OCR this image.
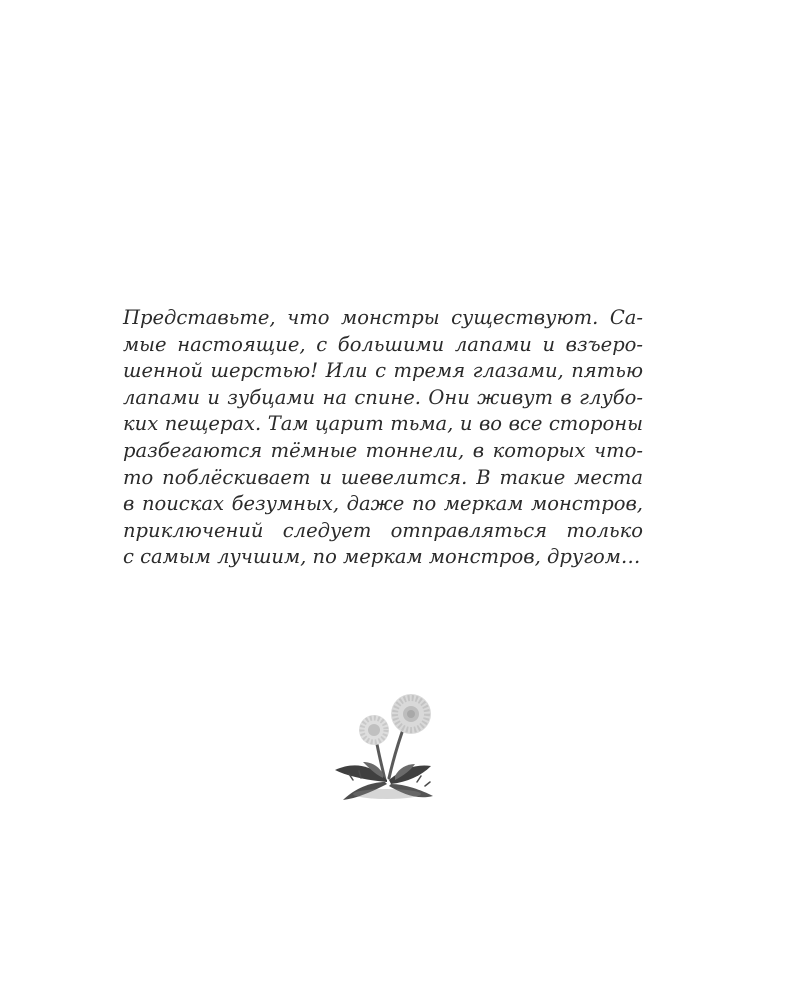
Представьте, что монстры существуют. Са-
мые настоящие, с большими лапами и взъеро-
шенной шерстью! Или с тремя глазами, пятью
лапами и зубцами на спине. Они живут в глубо-
ких пещерах. Там царит тьма, и во все стороны
разбегаются тёмные тоннели, в которых что-
то поблёскивает и шевелится. В такие места
в поисках безумных, даже по меркам монстров,
приключений следует отправляться только
с самым лучшим, по меркам монстров, другом…
